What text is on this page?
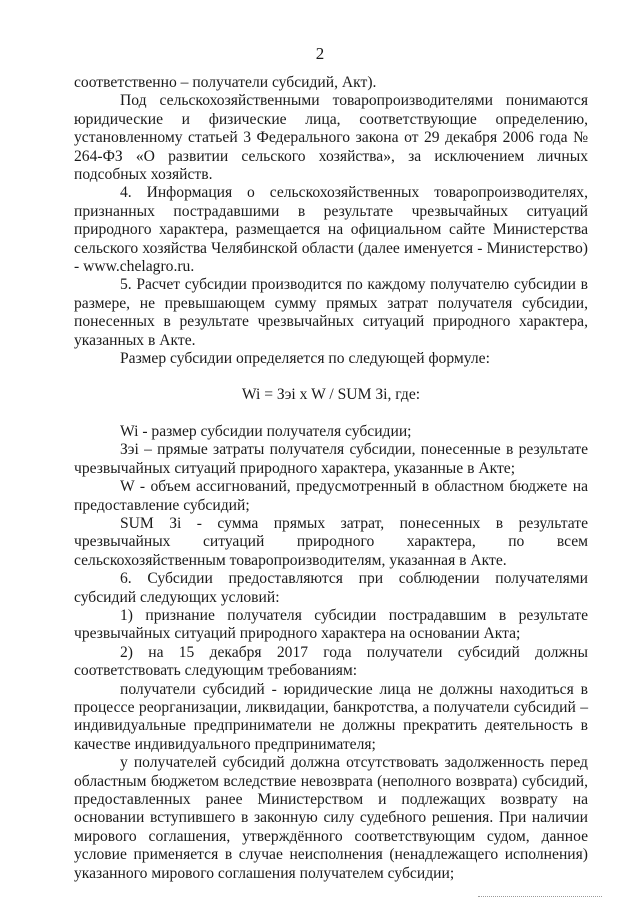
2

соответственно – получатели субсидий, Акт).

Под сельскохозяйственными товаропроизводителями понимаются юридические и физические лица, соответствующие определению, установленному статьей 3 Федерального закона от 29 декабря 2006 года № 264-ФЗ «О развитии сельского хозяйства», за исключением личных подсобных хозяйств.

4. Информация о сельскохозяйственных товаропроизводителях, признанных пострадавшими в результате чрезвычайных ситуаций природного характера, размещается на официальном сайте Министерства сельского хозяйства Челябинской области (далее именуется - Министерство) - www.chelagro.ru.

5. Расчет субсидии производится по каждому получателю субсидии в размере, не превышающем сумму прямых затрат получателя субсидии, понесенных в результате чрезвычайных ситуаций природного характера, указанных в Акте.

Размер субсидии определяется по следующей формуле:

Wi = Зэi x W / SUM Зi, где:

Wi - размер субсидии получателя субсидии;

Зэi – прямые затраты получателя субсидии, понесенные в результате чрезвычайных ситуаций природного характера, указанные в Акте;

W - объем ассигнований, предусмотренный в областном бюджете на предоставление субсидий;

SUM Зi - сумма прямых затрат, понесенных в результате чрезвычайных ситуаций природного характера, по всем сельскохозяйственным товаропроизводителям, указанная в Акте.

6. Субсидии предоставляются при соблюдении получателями субсидий следующих условий:

1) признание получателя субсидии пострадавшим в результате чрезвычайных ситуаций природного характера на основании Акта;

2) на 15 декабря 2017 года получатели субсидий должны соответствовать следующим требованиям:

получатели субсидий - юридические лица не должны находиться в процессе реорганизации, ликвидации, банкротства, а получатели субсидий – индивидуальные предприниматели не должны прекратить деятельность в качестве индивидуального предпринимателя;

у получателей субсидий должна отсутствовать задолженность перед областным бюджетом вследствие невозврата (неполного возврата) субсидий, предоставленных ранее Министерством и подлежащих возврату на основании вступившего в законную силу судебного решения. При наличии мирового соглашения, утверждённого соответствующим судом, данное условие применяется в случае неисполнения (ненадлежащего исполнения) указанного мирового соглашения получателем субсидии;
